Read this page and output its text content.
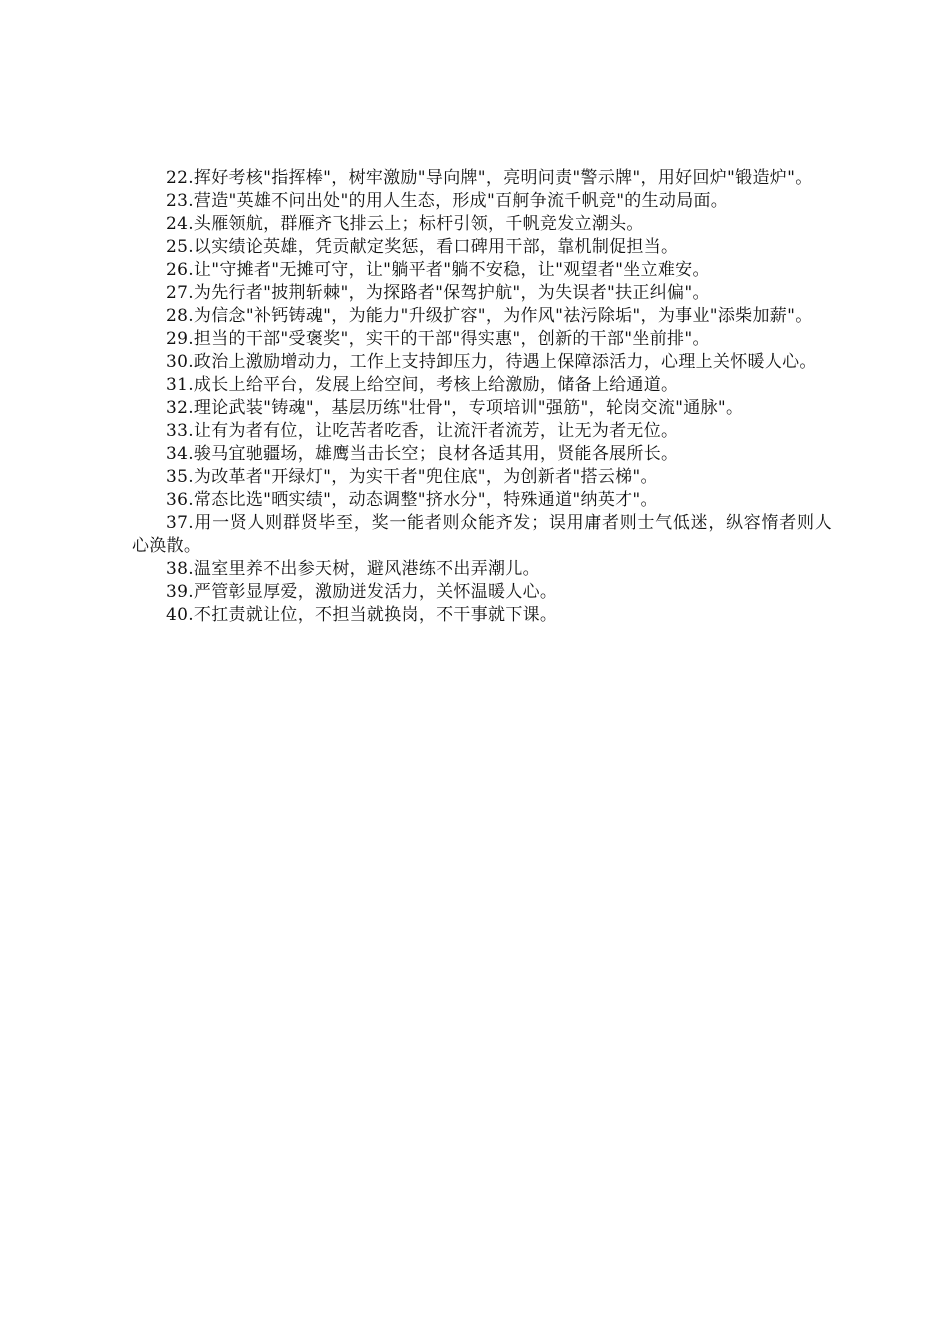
22.挥好考核"指挥棒"，树牢激励"导向牌"，亮明问责"警示牌"，用好回炉"锻造炉"。

23.营造"英雄不问出处"的用人生态，形成"百舸争流千帆竞"的生动局面。

24.头雁领航，群雁齐飞排云上；标杆引领，千帆竞发立潮头。

25.以实绩论英雄，凭贡献定奖惩，看口碑用干部，靠机制促担当。

26.让"守摊者"无摊可守，让"躺平者"躺不安稳，让"观望者"坐立难安。

27.为先行者"披荆斩棘"，为探路者"保驾护航"，为失误者"扶正纠偏"。

28.为信念"补钙铸魂"，为能力"升级扩容"，为作风"祛污除垢"，为事业"添柴加薪"。

29.担当的干部"受褒奖"，实干的干部"得实惠"，创新的干部"坐前排"。

30.政治上激励增动力，工作上支持卸压力，待遇上保障添活力，心理上关怀暖人心。

31.成长上给平台，发展上给空间，考核上给激励，储备上给通道。

32.理论武装"铸魂"，基层历练"壮骨"，专项培训"强筋"，轮岗交流"通脉"。

33.让有为者有位，让吃苦者吃香，让流汗者流芳，让无为者无位。

34.骏马宜驰疆场，雄鹰当击长空；良材各适其用，贤能各展所长。

35.为改革者"开绿灯"，为实干者"兜住底"，为创新者"搭云梯"。

36.常态比选"晒实绩"，动态调整"挤水分"，特殊通道"纳英才"。

37.用一贤人则群贤毕至，奖一能者则众能齐发；误用庸者则士气低迷，纵容惰者则人心涣散。

38.温室里养不出参天树，避风港练不出弄潮儿。

39.严管彰显厚爱，激励迸发活力，关怀温暖人心。

40.不扛责就让位，不担当就换岗，不干事就下课。
